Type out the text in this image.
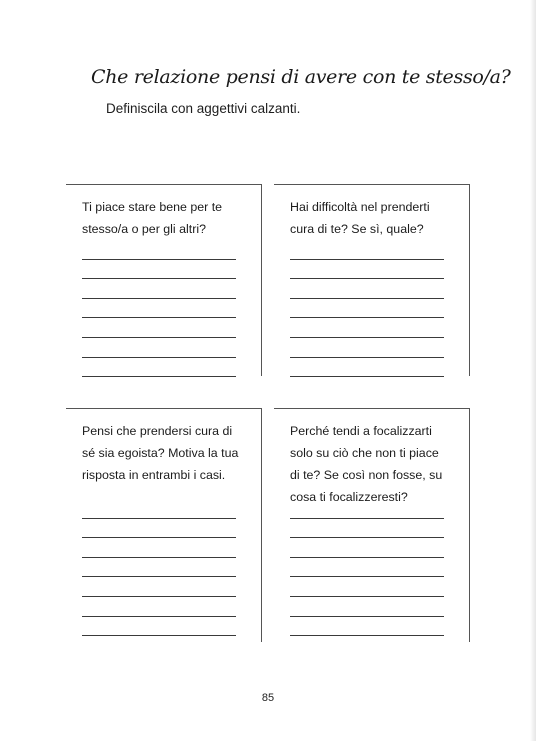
Che relazione pensi di avere con te stesso/a?
Definiscila con aggettivi calzanti.
Ti piace stare bene per te stesso/a o per gli altri?
Hai difficoltà nel prenderti cura di te? Se sì, quale?
Pensi che prendersi cura di sé sia egoista? Motiva la tua risposta in entrambi i casi.
Perché tendi a focalizzarti solo su ciò che non ti piace di te? Se così non fosse, su cosa ti focalizzeresti?
85
